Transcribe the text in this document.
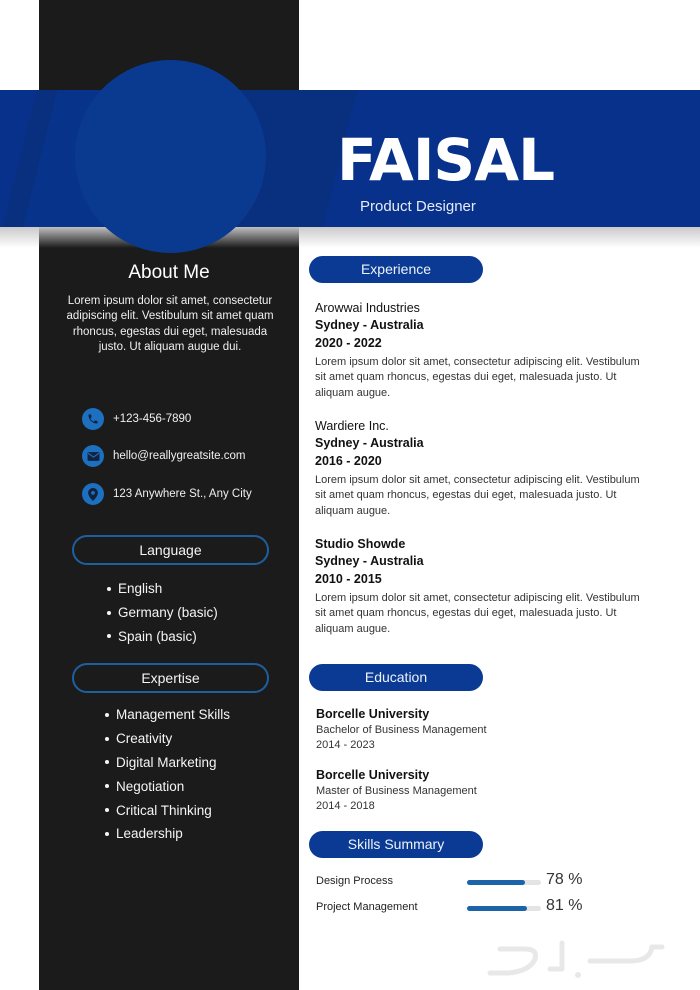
FAISAL
Product Designer
About Me
Lorem ipsum dolor sit amet, consectetur adipiscing elit. Vestibulum sit amet quam rhoncus, egestas dui eget, malesuada justo. Ut aliquam augue dui.
+123-456-7890
hello@reallygreatsite.com
123 Anywhere St., Any City
Language
English
Germany (basic)
Spain (basic)
Expertise
Management Skills
Creativity
Digital Marketing
Negotiation
Critical Thinking
Leadership
Experience
Arowwai Industries
Sydney - Australia
2020 - 2022
Lorem ipsum dolor sit amet, consectetur adipiscing elit. Vestibulum sit amet quam rhoncus, egestas dui eget, malesuada justo. Ut aliquam augue.
Wardiere Inc.
Sydney - Australia
2016 - 2020
Lorem ipsum dolor sit amet, consectetur adipiscing elit. Vestibulum sit amet quam rhoncus, egestas dui eget, malesuada justo. Ut aliquam augue.
Studio Showde
Sydney - Australia
2010 - 2015
Lorem ipsum dolor sit amet, consectetur adipiscing elit. Vestibulum sit amet quam rhoncus, egestas dui eget, malesuada justo. Ut aliquam augue.
Education
Borcelle University
Bachelor of Business Management
2014 - 2023
Borcelle University
Master of Business Management
2014 - 2018
Skills Summary
Design Process	78 %
Project Management	81 %
